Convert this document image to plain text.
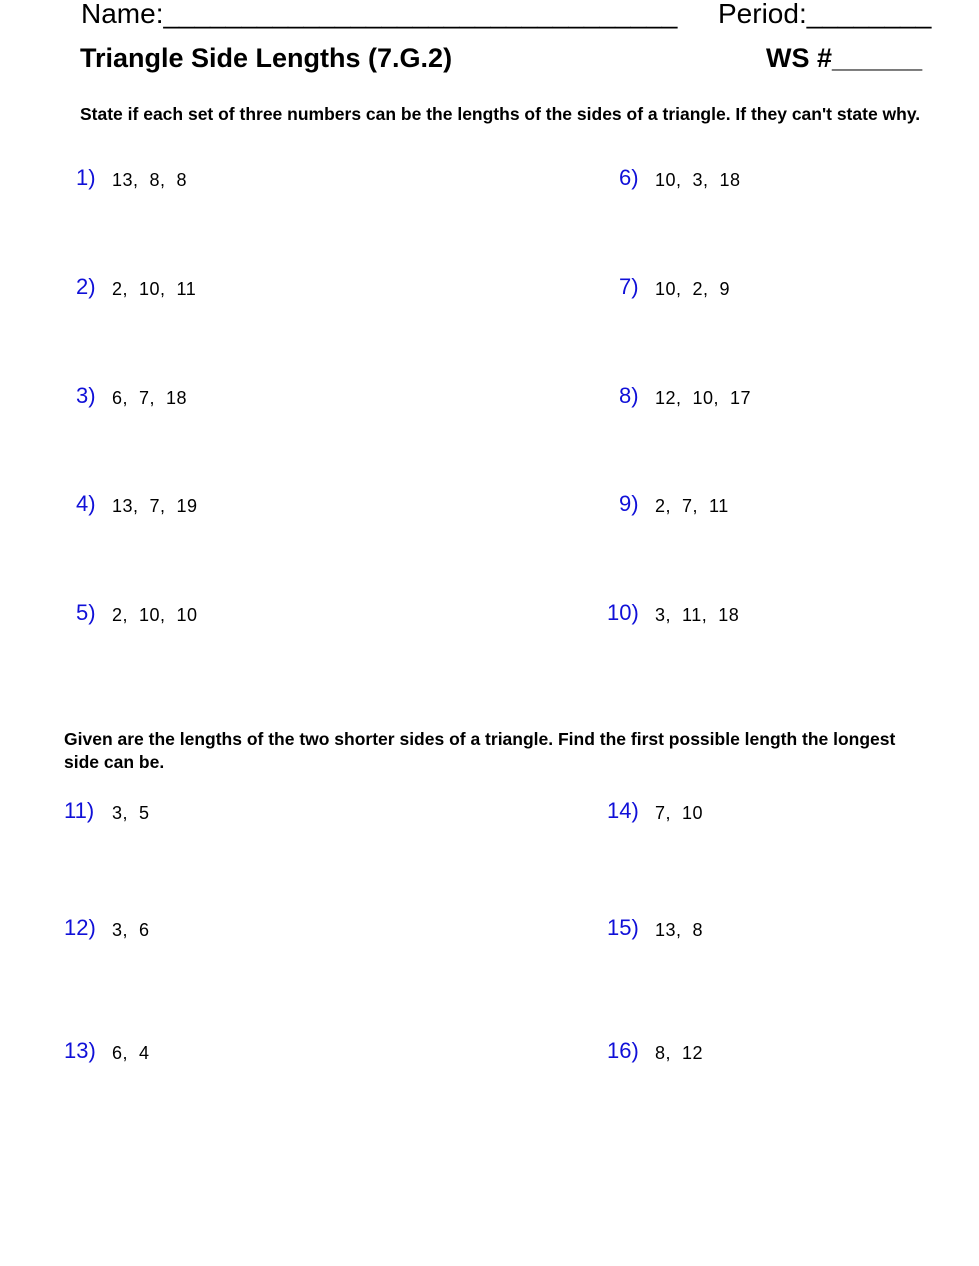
Name:_________________________________ Period:________
Triangle Side Lengths (7.G.2)	WS #______
State if each set of three numbers can be the lengths of the sides of a triangle. If they can't state why.
1) 13,  8,  8
2) 2,  10,  11
3) 6,  7,  18
4) 13,  7,  19
5) 2,  10,  10
6) 10,  3,  18
7) 10,  2,  9
8) 12,  10,  17
9) 2,  7,  11
10) 3,  11,  18
Given are the lengths of the two shorter sides of a triangle. Find the first possible length the longest side can be.
11) 3,  5
12) 3,  6
13) 6,  4
14) 7,  10
15) 13,  8
16) 8,  12
